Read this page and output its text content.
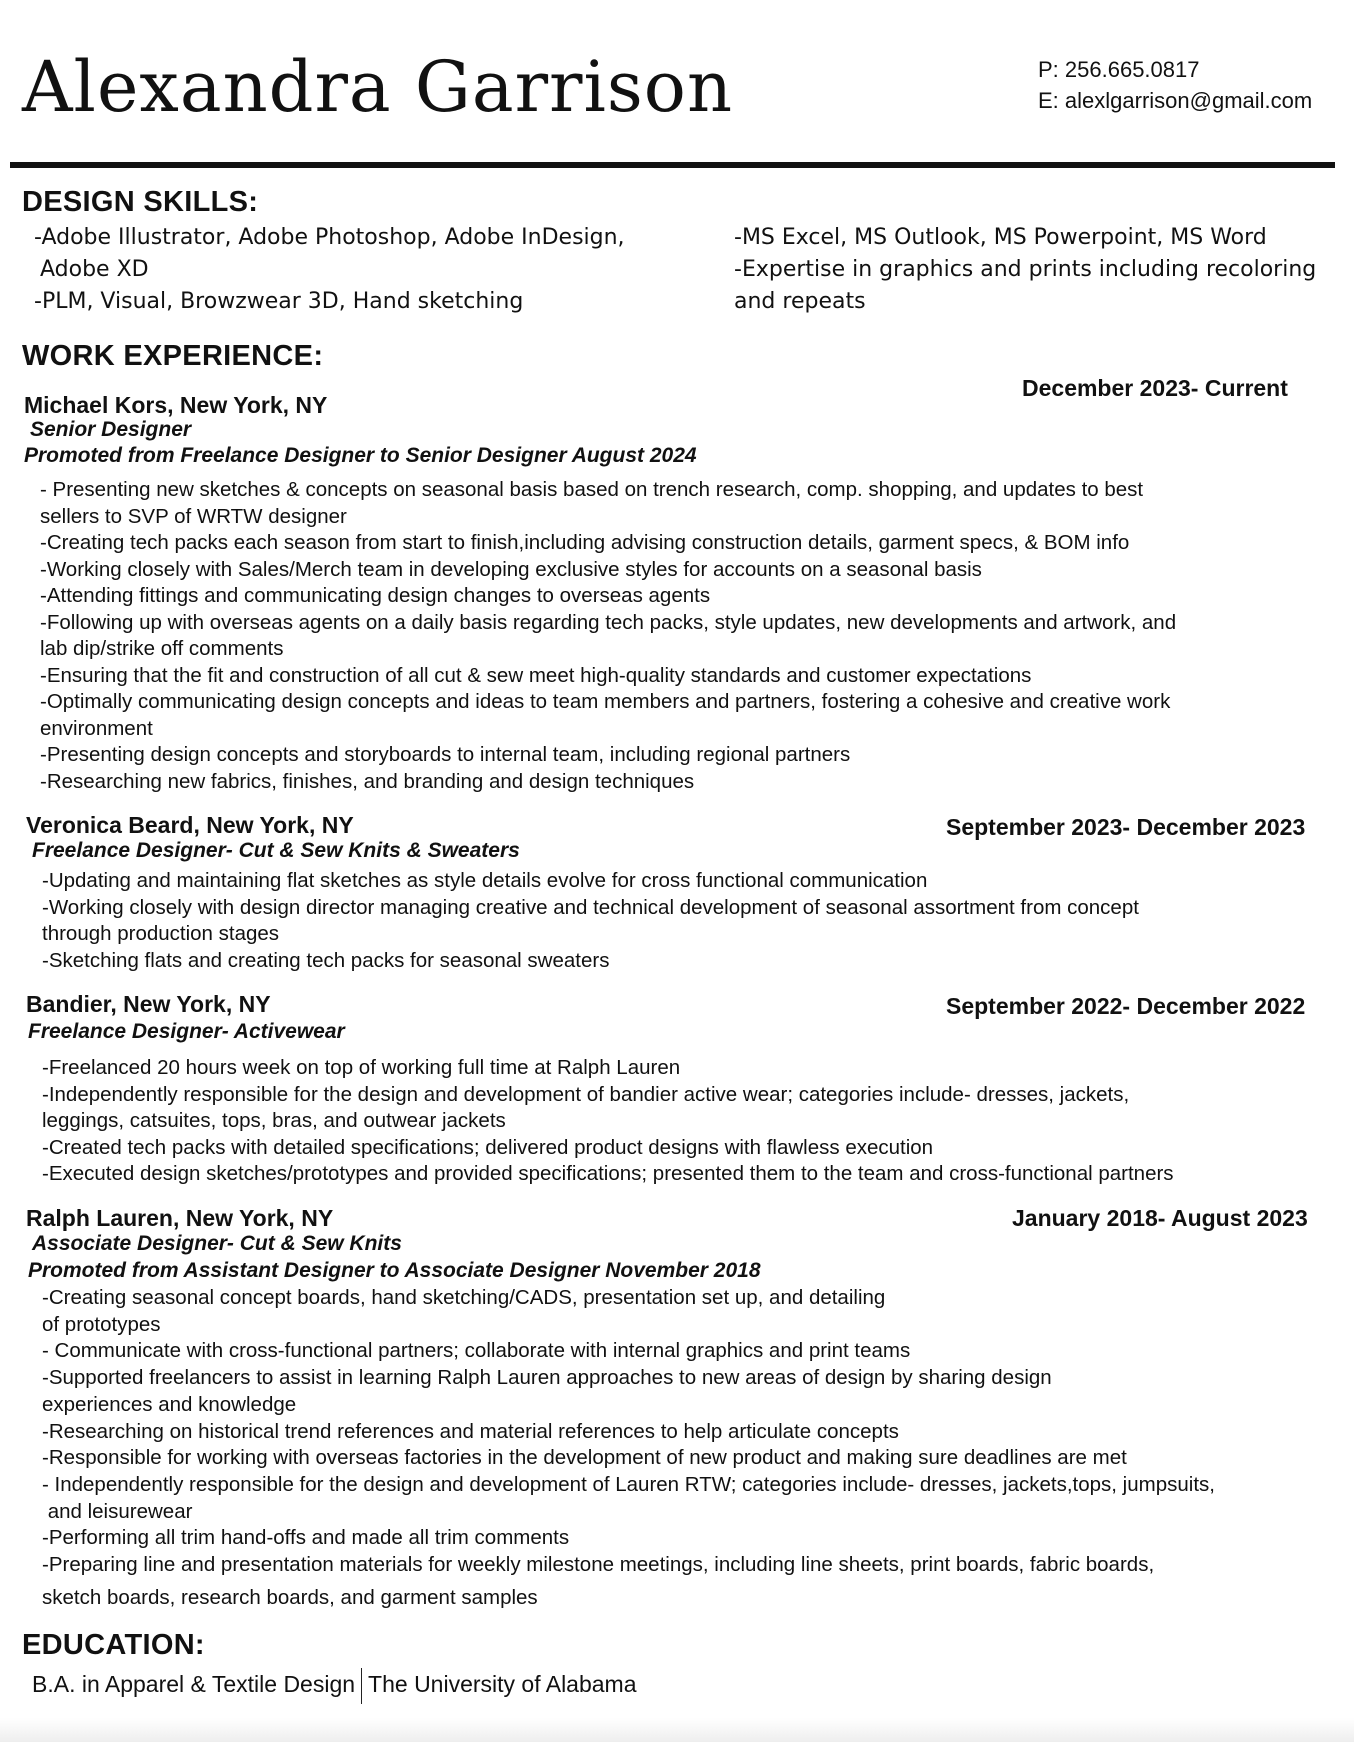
Alexandra Garrison	P: 256.665.0817
E: alexlgarrison@gmail.com
DESIGN SKILLS:
-Adobe Illustrator, Adobe Photoshop, Adobe InDesign,
Adobe XD
-PLM, Visual, Browzwear 3D, Hand sketching
-MS Excel, MS Outlook, MS Powerpoint, MS Word
-Expertise in graphics and prints including recoloring
and repeats
WORK EXPERIENCE:
Michael Kors, New York, NY
December 2023- Current
Senior Designer
Promoted from Freelance Designer to Senior Designer August 2024
- Presenting new sketches & concepts on seasonal basis based on trench research, comp. shopping, and updates to best
sellers to SVP of WRTW designer
-Creating tech packs each season from start to finish,including advising construction details, garment specs, & BOM info
-Working closely with Sales/Merch team in developing exclusive styles for accounts on a seasonal basis
-Attending fittings and communicating design changes to overseas agents
-Following up with overseas agents on a daily basis regarding tech packs, style updates, new developments and artwork, and
lab dip/strike off comments
-Ensuring that the fit and construction of all cut & sew meet high-quality standards and customer expectations
-Optimally communicating design concepts and ideas to team members and partners, fostering a cohesive and creative work
environment
-Presenting design concepts and storyboards to internal team, including regional partners
-Researching new fabrics, finishes, and branding and design techniques
Veronica Beard, New York, NY	September 2023- December 2023
Freelance Designer- Cut & Sew Knits & Sweaters
-Updating and maintaining flat sketches as style details evolve for cross functional communication
-Working closely with design director managing creative and technical development of seasonal assortment from concept
through production stages
-Sketching flats and creating tech packs for seasonal sweaters
Bandier, New York, NY	September 2022- December 2022
Freelance Designer- Activewear
-Freelanced 20 hours week on top of working full time at Ralph Lauren
-Independently responsible for the design and development of bandier active wear; categories include- dresses, jackets,
leggings, catsuites, tops, bras, and outwear jackets
-Created tech packs with detailed specifications; delivered product designs with flawless execution
-Executed design sketches/prototypes and provided specifications; presented them to the team and cross-functional partners
Ralph Lauren, New York, NY	January 2018- August 2023
Associate Designer- Cut & Sew Knits
Promoted from Assistant Designer to Associate Designer November 2018
-Creating seasonal concept boards, hand sketching/CADS, presentation set up, and detailing
of prototypes
- Communicate with cross-functional partners; collaborate with internal graphics and print teams
-Supported freelancers to assist in learning Ralph Lauren approaches to new areas of design by sharing design
experiences and knowledge
-Researching on historical trend references and material references to help articulate concepts
-Responsible for working with overseas factories in the development of new product and making sure deadlines are met
- Independently responsible for the design and development of Lauren RTW; categories include- dresses, jackets,tops, jumpsuits,
and leisurewear
-Performing all trim hand-offs and made all trim comments
-Preparing line and presentation materials for weekly milestone meetings, including line sheets, print boards, fabric boards,
sketch boards, research boards, and garment samples
EDUCATION:
B.A. in Apparel & Textile Design The University of Alabama
